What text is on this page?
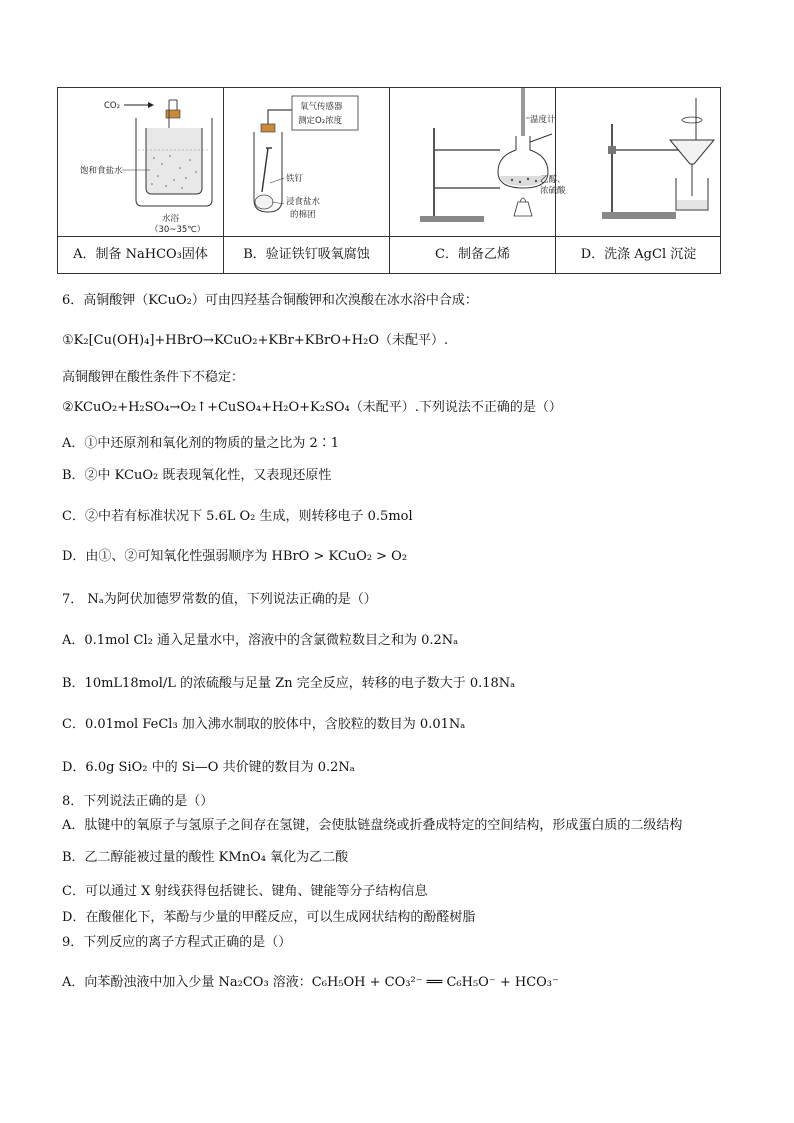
CO₂
饱和食盐水
水浴
（30~35℃）
氧气传感器
测定O₂浓度
铁钉
浸食盐水
的棉团
温度计
乙醇、
浓硫酸
A．制备 NaHCO₃固体	B．验证铁钉吸氧腐蚀	C．制备乙烯	D．洗涤 AgCl 沉淀
6．高铜酸钾（KCuO₂）可由四羟基合铜酸钾和次溴酸在冰水浴中合成：
①K₂[Cu(OH)₄]+HBrO→KCuO₂+KBr+KBrO+H₂O（未配平）.
高铜酸钾在酸性条件下不稳定：
②KCuO₂+H₂SO₄→O₂↑+CuSO₄+H₂O+K₂SO₄（未配平）.下列说法不正确的是（）
A．①中还原剂和氧化剂的物质的量之比为 2∶1
B．②中 KCuO₂ 既表现氧化性，又表现还原性
C．②中若有标准状况下 5.6L O₂ 生成，则转移电子 0.5mol
D．由①、②可知氧化性强弱顺序为 HBrO > KCuO₂ > O₂
7． Nₐ为阿伏加德罗常数的值，下列说法正确的是（）
A．0.1mol Cl₂ 通入足量水中，溶液中的含氯微粒数目之和为 0.2Nₐ
B．10mL18mol/L 的浓硫酸与足量 Zn 完全反应，转移的电子数大于 0.18Nₐ
C．0.01mol FeCl₃ 加入沸水制取的胶体中，含胶粒的数目为 0.01Nₐ
D．6.0g SiO₂ 中的 Si—O 共价键的数目为 0.2Nₐ
8．下列说法正确的是（）
A．肽键中的氧原子与氢原子之间存在氢键，会使肽链盘绕或折叠成特定的空间结构，形成蛋白质的二级结构
B．乙二醇能被过量的酸性 KMnO₄ 氧化为乙二酸
C．可以通过 X 射线获得包括键长、键角、键能等分子结构信息
D．在酸催化下，苯酚与少量的甲醛反应，可以生成网状结构的酚醛树脂
9．下列反应的离子方程式正确的是（）
A．向苯酚浊液中加入少量 Na₂CO₃ 溶液：C₆H₅OH + CO₃²⁻ ══ C₆H₅O⁻ + HCO₃⁻
